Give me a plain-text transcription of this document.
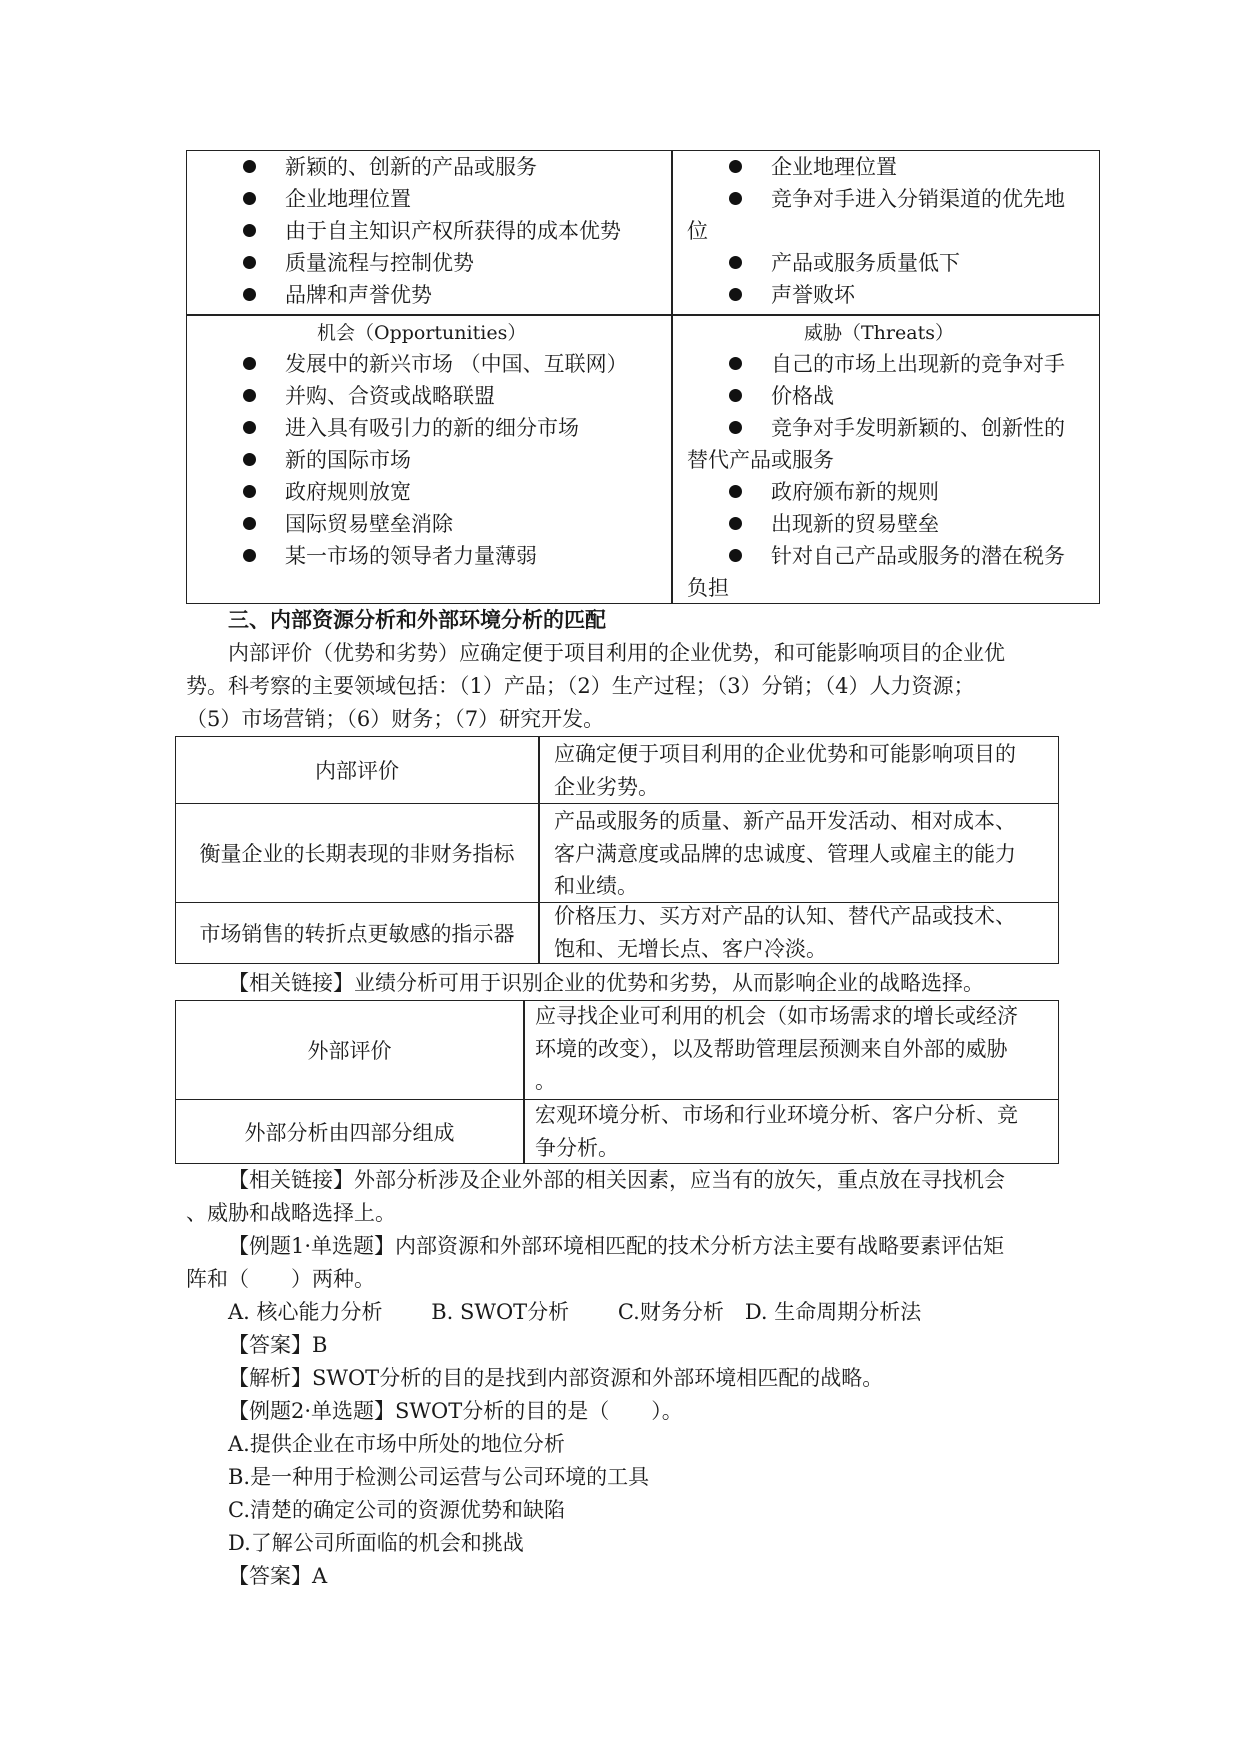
新颖的、创新的产品或服务
企业地理位置
由于自主知识产权所获得的成本优势
质量流程与控制优势
品牌和声誉优势
企业地理位置
竞争对手进入分销渠道的优先地
位
产品或服务质量低下
声誉败坏
机会（Opportunities）
发展中的新兴市场 （中国、互联网）
并购、合资或战略联盟
进入具有吸引力的新的细分市场
新的国际市场
政府规则放宽
国际贸易壁垒消除
某一市场的领导者力量薄弱
威胁（Threats）
自己的市场上出现新的竞争对手
价格战
竞争对手发明新颖的、创新性的
替代产品或服务
政府颁布新的规则
出现新的贸易壁垒
针对自己产品或服务的潜在税务
负担
三、内部资源分析和外部环境分析的匹配
内部评价（优势和劣势）应确定便于项目利用的企业优势，和可能影响项目的企业优
势。科考察的主要领域包括：（1）产品；（2）生产过程；（3）分销；（4）人力资源；
（5）市场营销；（6）财务；（7）研究开发。
内部评价
应确定便于项目利用的企业优势和可能影响项目的
企业劣势。
衡量企业的长期表现的非财务指标
产品或服务的质量、新产品开发活动、相对成本、
客户满意度或品牌的忠诚度、管理人或雇主的能力
和业绩。
市场销售的转折点更敏感的指示器
价格压力、买方对产品的认知、替代产品或技术、
饱和、无增长点、客户冷淡。
【相关链接】业绩分析可用于识别企业的优势和劣势，从而影响企业的战略选择。
外部评价
应寻找企业可利用的机会（如市场需求的增长或经济
环境的改变），以及帮助管理层预测来自外部的威胁
。
外部分析由四部分组成
宏观环境分析、市场和行业环境分析、客户分析、竞
争分析。
【相关链接】外部分析涉及企业外部的相关因素，应当有的放矢，重点放在寻找机会
、威胁和战略选择上。
【例题1·单选题】内部资源和外部环境相匹配的技术分析方法主要有战略要素评估矩
阵和（　　）两种。
A. 核心能力分析　　 B. SWOT分析　　 C.财务分析　D. 生命周期分析法
【答案】B
【解析】SWOT分析的目的是找到内部资源和外部环境相匹配的战略。
【例题2·单选题】SWOT分析的目的是（　　）。
A.提供企业在市场中所处的地位分析
B.是一种用于检测公司运营与公司环境的工具
C.清楚的确定公司的资源优势和缺陷
D.了解公司所面临的机会和挑战
【答案】A
